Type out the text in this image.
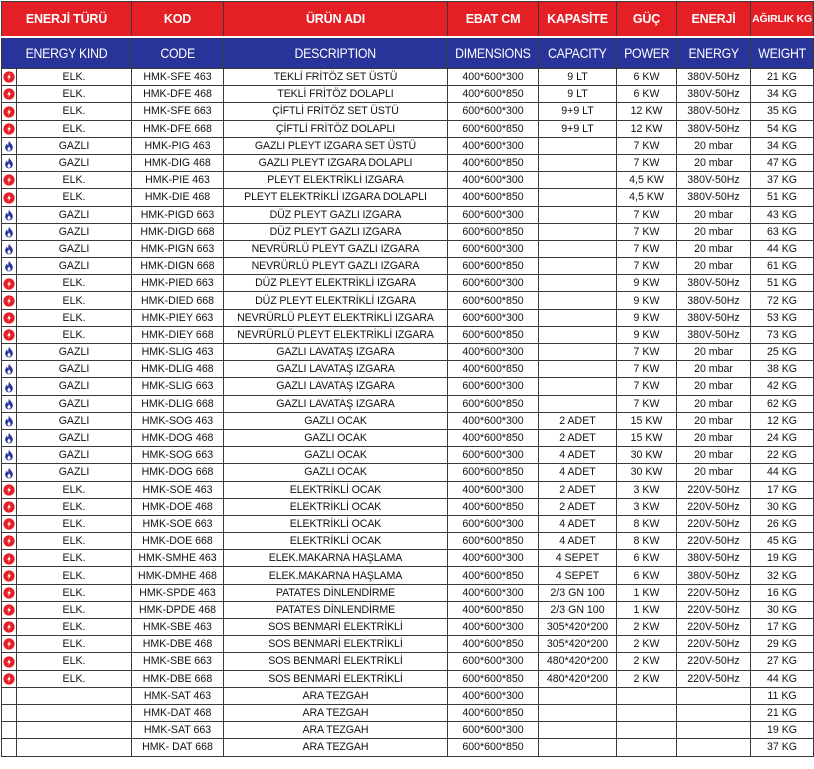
ENERJİ TÜRÜ		KOD	ÜRÜN ADI	EBAT CM	KAPASİTE	GÜÇ	ENERJİ	AĞIRLIK KG
ENERGY KIND		CODE	DESCRIPTION	DIMENSIONS	CAPACITY	POWER	ENERGY	WEIGHT

	ELK.	HMK-SFE 463	TEKLİ FRİTÖZ SET ÜSTÜ	400*600*300	9 LT	6 KW	380V-50Hz	21 KG

	ELK.	HMK-DFE 468	TEKLİ FRİTÖZ DOLAPLI	400*600*850	9 LT	6 KW	380V-50Hz	34 KG

	ELK.	HMK-SFE 663	ÇİFTLİ FRİTÖZ SET ÜSTÜ	600*600*300	9+9 LT	12 KW	380V-50Hz	35 KG

	ELK.	HMK-DFE 668	ÇİFTLİ FRİTÖZ DOLAPLI	600*600*850	9+9 LT	12 KW	380V-50Hz	54 KG

	GAZLI	HMK-PIG 463	GAZLI PLEYT IZGARA SET ÜSTÜ	400*600*300		7 KW	20 mbar	34 KG

	GAZLI	HMK-DIG 468	GAZLI PLEYT IZGARA DOLAPLI	400*600*850		7 KW	20 mbar	47 KG

	ELK.	HMK-PIE 463	PLEYT ELEKTRİKLİ IZGARA	400*600*300		4,5 KW	380V-50Hz	37 KG

	ELK.	HMK-DIE 468	PLEYT ELEKTRİKLİ IZGARA DOLAPLI	400*600*850		4,5 KW	380V-50Hz	51 KG

	GAZLI	HMK-PIGD 663	DÜZ PLEYT GAZLI IZGARA	600*600*300		7 KW	20 mbar	43 KG

	GAZLI	HMK-DIGD 668	DÜZ PLEYT GAZLI IZGARA	600*600*850		7 KW	20 mbar	63 KG

	GAZLI	HMK-PIGN 663	NEVRÜRLÜ PLEYT GAZLI IZGARA	600*600*300		7 KW	20 mbar	44 KG

	GAZLI	HMK-DIGN 668	NEVRÜRLÜ PLEYT GAZLI IZGARA	600*600*850		7 KW	20 mbar	61 KG

	ELK.	HMK-PIED 663	DÜZ PLEYT ELEKTRİKLİ IZGARA	600*600*300		9 KW	380V-50Hz	51 KG

	ELK.	HMK-DIED 668	DÜZ PLEYT ELEKTRİKLİ IZGARA	600*600*850		9 KW	380V-50Hz	72 KG

	ELK.	HMK-PIEY 663	NEVRÜRLÜ PLEYT ELEKTRİKLİ IZGARA	600*600*300		9 KW	380V-50Hz	53 KG

	ELK.	HMK-DIEY 668	NEVRÜRLÜ PLEYT ELEKTRİKLİ IZGARA	600*600*850		9 KW	380V-50Hz	73 KG

	GAZLI	HMK-SLIG 463	GAZLI LAVATAŞ IZGARA	400*600*300		7 KW	20 mbar	25 KG

	GAZLI	HMK-DLIG 468	GAZLI LAVATAŞ IZGARA	400*600*850		7 KW	20 mbar	38 KG

	GAZLI	HMK-SLIG 663	GAZLI LAVATAŞ IZGARA	600*600*300		7 KW	20 mbar	42 KG

	GAZLI	HMK-DLIG 668	GAZLI LAVATAŞ IZGARA	600*600*850		7 KW	20 mbar	62 KG

	GAZLI	HMK-SOG 463	GAZLI OCAK	400*600*300	2 ADET	15 KW	20 mbar	12 KG

	GAZLI	HMK-DOG 468	GAZLI OCAK	400*600*850	2 ADET	15 KW	20 mbar	24 KG

	GAZLI	HMK-SOG 663	GAZLI OCAK	600*600*300	4 ADET	30 KW	20 mbar	22 KG

	GAZLI	HMK-DOG 668	GAZLI OCAK	600*600*850	4 ADET	30 KW	20 mbar	44 KG

	ELK.	HMK-SOE 463	ELEKTRİKLİ OCAK	400*600*300	2 ADET	3 KW	220V-50Hz	17 KG

	ELK.	HMK-DOE 468	ELEKTRİKLİ OCAK	400*600*850	2 ADET	3 KW	220V-50Hz	30 KG

	ELK.	HMK-SOE 663	ELEKTRİKLİ OCAK	600*600*300	4 ADET	8 KW	220V-50Hz	26 KG

	ELK.	HMK-DOE 668	ELEKTRİKLİ OCAK	600*600*850	4 ADET	8 KW	220V-50Hz	45 KG

	ELK.	HMK-SMHE 463	ELEK.MAKARNA HAŞLAMA	400*600*300	4 SEPET	6 KW	380V-50Hz	19 KG

	ELK.	HMK-DMHE 468	ELEK.MAKARNA HAŞLAMA	400*600*850	4 SEPET	6 KW	380V-50Hz	32 KG

	ELK.	HMK-SPDE 463	PATATES DİNLENDİRME	400*600*300	2/3 GN 100	1 KW	220V-50Hz	16 KG

	ELK.	HMK-DPDE 468	PATATES DİNLENDİRME	400*600*850	2/3 GN 100	1 KW	220V-50Hz	30 KG

	ELK.	HMK-SBE 463	SOS BENMARİ ELEKTRİKLİ	400*600*300	305*420*200	2 KW	220V-50Hz	17 KG

	ELK.	HMK-DBE 468	SOS BENMARİ ELEKTRİKLİ	400*600*850	305*420*200	2 KW	220V-50Hz	29 KG

	ELK.	HMK-SBE 663	SOS BENMARİ ELEKTRİKLİ	600*600*300	480*420*200	2 KW	220V-50Hz	27 KG

	ELK.	HMK-DBE 668	SOS BENMARİ ELEKTRİKLİ	600*600*850	480*420*200	2 KW	220V-50Hz	44 KG
		HMK-SAT 463	ARA TEZGAH	400*600*300				11 KG
		HMK-DAT 468	ARA TEZGAH	400*600*850				21 KG
		HMK-SAT 663	ARA TEZGAH	600*600*300				19 KG
		HMK- DAT 668	ARA TEZGAH	600*600*850				37 KG
